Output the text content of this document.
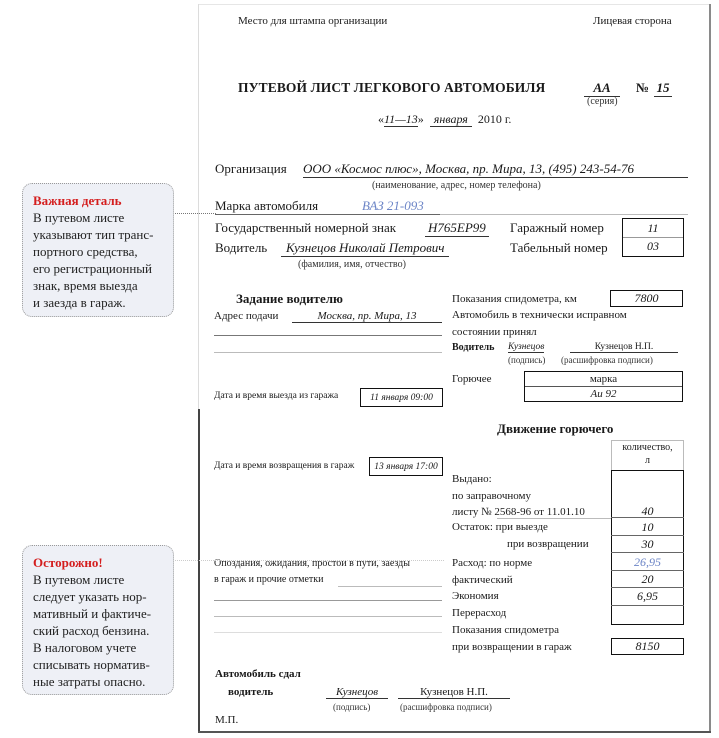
Место для штампа организации	Лицевая сторона
ПУТЕВОЙ ЛИСТ ЛЕГКОВОГО АВТОМОБИЛЯ	АА
(серия)
№ 15
«11—13» января 2010 г.
Организация ООО «Космос плюс», Москва, пр. Мира, 13, (495) 243-54-76
(наименование, адрес, номер телефона)
Марка автомобиля	ВАЗ 21-093
Государственный номерной знак Н765ЕР99 Гаражный номер	11
Водитель	Кузнецов Николай Петрович	Табельный номер	03
(фамилия, имя, отчество)
Задание водителю
Адрес подачи	Москва, пр. Мира, 13
Дата и время выезда из гаража	11 января 09:00
Дата и время возвращения в гараж	13 января 17:00
Опоздания, ожидания, простои в пути, заезды
в гараж и прочие отметки
Показания спидометра, км	7800
Автомобиль в технически исправном
состоянии принял
Водитель Кузнецов	Кузнецов Н.П.
(подпись) (расшифровка подписи)
Горючее	марка
Аи 92
Движение горючего
количество,
л
Выдано:
по заправочному
листу № 2568-96 от 11.01.10	40
Остаток: при выезде	10
при возвращении	30
Расход: по норме	26,95
фактический	20
Экономия	6,95
Перерасход
Показания спидометра
при возвращении в гараж	8150
Автомобиль сдал
водитель	Кузнецов	Кузнецов Н.П.
(подпись)	(расшифровка подписи)
М.П.
Важная деталь
В путевом листе
указывают тип транс-
портного средства,
его регистрационный
знак, время выезда
и заезда в гараж.
Осторожно!
В путевом листе
следует указать нор-
мативный и фактиче-
ский расход бензина.
В налоговом учете
списывать норматив-
ные затраты опасно.
